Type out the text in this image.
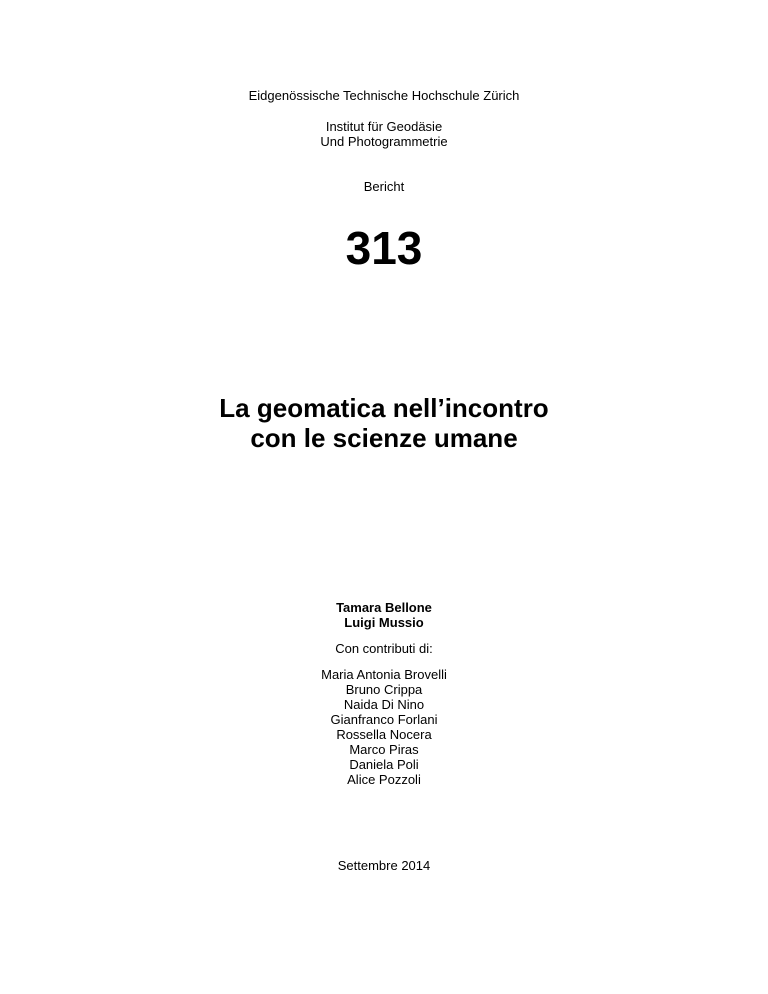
Eidgenössische Technische Hochschule Zürich
Institut für Geodäsie
Und Photogrammetrie
Bericht
313
La geomatica nell’incontro
con le scienze umane
Tamara Bellone
Luigi Mussio
Con contributi di:
Maria Antonia Brovelli
Bruno Crippa
Naida Di Nino
Gianfranco Forlani
Rossella Nocera
Marco Piras
Daniela Poli
Alice Pozzoli
Settembre 2014
